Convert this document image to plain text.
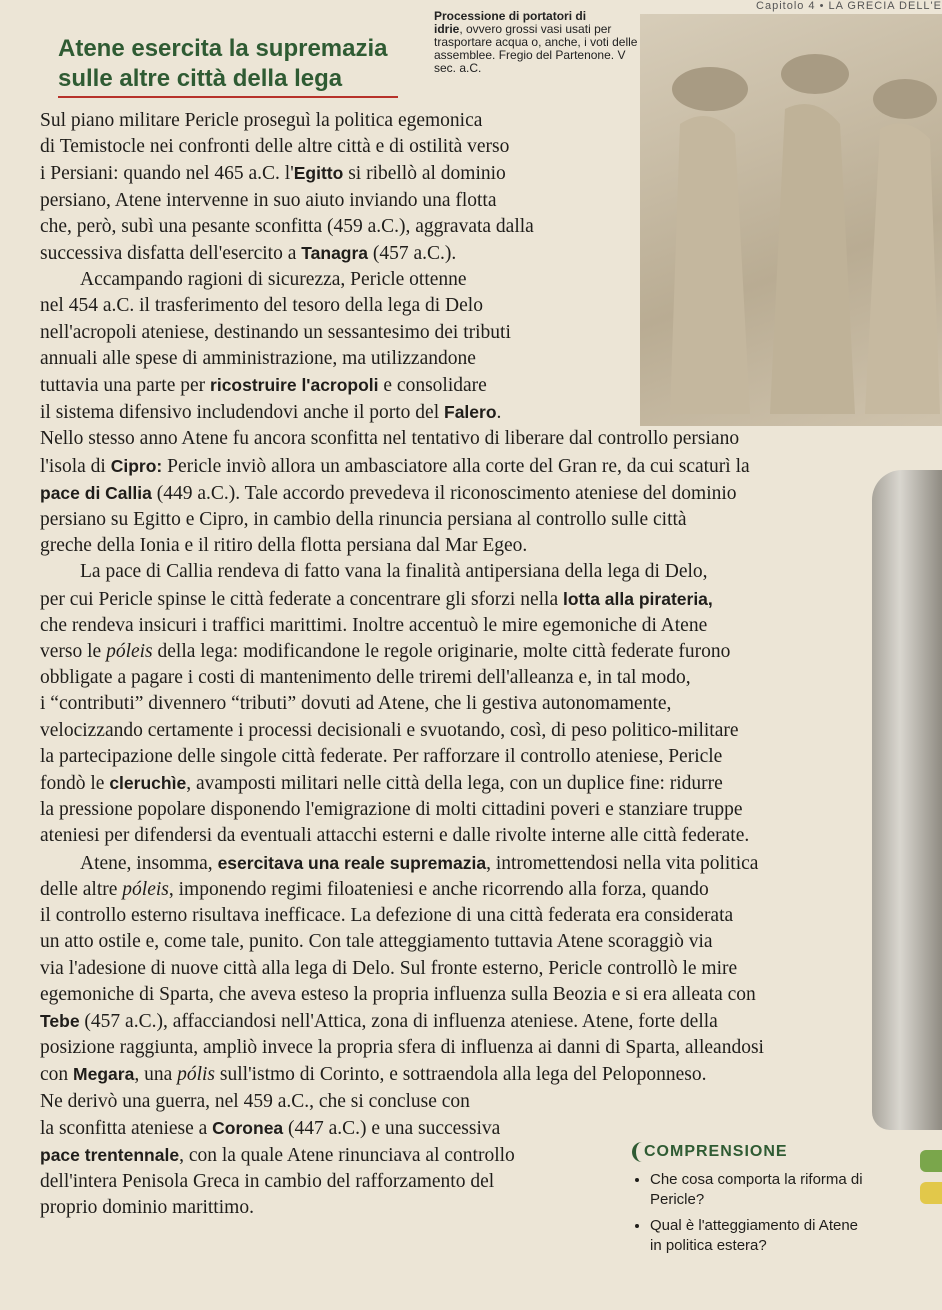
Capitolo 4 • LA GRECIA DELL'E
Atene esercita la supremazia
sulle altre città della lega
Processione di portatori di
idrie, ovvero grossi vasi usati per trasportare acqua o, anche, i voti delle assemblee. Fregio del Partenone. V sec. a.C.

Sul piano militare Pericle proseguì la politica egemonica
di Temistocle nei confronti delle altre città e di ostilità verso
i Persiani: quando nel 465 a.C. l'Egitto si ribellò al dominio
persiano, Atene intervenne in suo aiuto inviando una flotta
che, però, subì una pesante sconfitta (459 a.C.), aggravata dalla
successiva disfatta dell'esercito a Tanagra (457 a.C.).

Accampando ragioni di sicurezza, Pericle ottenne
nel 454 a.C. il trasferimento del tesoro della lega di Delo
nell'acropoli ateniese, destinando un sessantesimo dei tributi
annuali alle spese di amministrazione, ma utilizzandone
tuttavia una parte per ricostruire l'acropoli e consolidare
il sistema difensivo includendovi anche il porto del Falero.

Nello stesso anno Atene fu ancora sconfitta nel tentativo di liberare dal controllo persiano
l'isola di Cipro: Pericle inviò allora un ambasciatore alla corte del Gran re, da cui scaturì la
pace di Callia (449 a.C.). Tale accordo prevedeva il riconoscimento ateniese del dominio
persiano su Egitto e Cipro, in cambio della rinuncia persiana al controllo sulle città
greche della Ionia e il ritiro della flotta persiana dal Mar Egeo.

La pace di Callia rendeva di fatto vana la finalità antipersiana della lega di Delo,
per cui Pericle spinse le città federate a concentrare gli sforzi nella lotta alla pirateria,
che rendeva insicuri i traffici marittimi. Inoltre accentuò le mire egemoniche di Atene
verso le póleis della lega: modificandone le regole originarie, molte città federate furono
obbligate a pagare i costi di mantenimento delle triremi dell'alleanza e, in tal modo,
i “contributi” divennero “tributi” dovuti ad Atene, che li gestiva autonomamente,
velocizzando certamente i processi decisionali e svuotando, così, di peso politico-militare
la partecipazione delle singole città federate. Per rafforzare il controllo ateniese, Pericle
fondò le cleruchìe, avamposti militari nelle città della lega, con un duplice fine: ridurre
la pressione popolare disponendo l'emigrazione di molti cittadini poveri e stanziare truppe
ateniesi per difendersi da eventuali attacchi esterni e dalle rivolte interne alle città federate.

Atene, insomma, esercitava una reale supremazia, intromettendosi nella vita politica
delle altre póleis, imponendo regimi filoateniesi e anche ricorrendo alla forza, quando
il controllo esterno risultava inefficace. La defezione di una città federata era considerata
un atto ostile e, come tale, punito. Con tale atteggiamento tuttavia Atene scoraggiò via
via l'adesione di nuove città alla lega di Delo. Sul fronte esterno, Pericle controllò le mire
egemoniche di Sparta, che aveva esteso la propria influenza sulla Beozia e si era alleata con
Tebe (457 a.C.), affacciandosi nell'Attica, zona di influenza ateniese. Atene, forte della
posizione raggiunta, ampliò invece la propria sfera di influenza ai danni di Sparta, alleandosi
con Megara, una pólis sull'istmo di Corinto, e sottraendola alla lega del Peloponneso.

Ne derivò una guerra, nel 459 a.C., che si concluse con
la sconfitta ateniese a Coronea (447 a.C.) e una successiva
pace trentennale, con la quale Atene rinunciava al controllo
dell'intera Penisola Greca in cambio del rafforzamento del
proprio dominio marittimo.

COMPRENSIONE
• Che cosa comporta la riforma di Pericle?
• Qual è l'atteggiamento di Atene in politica estera?
